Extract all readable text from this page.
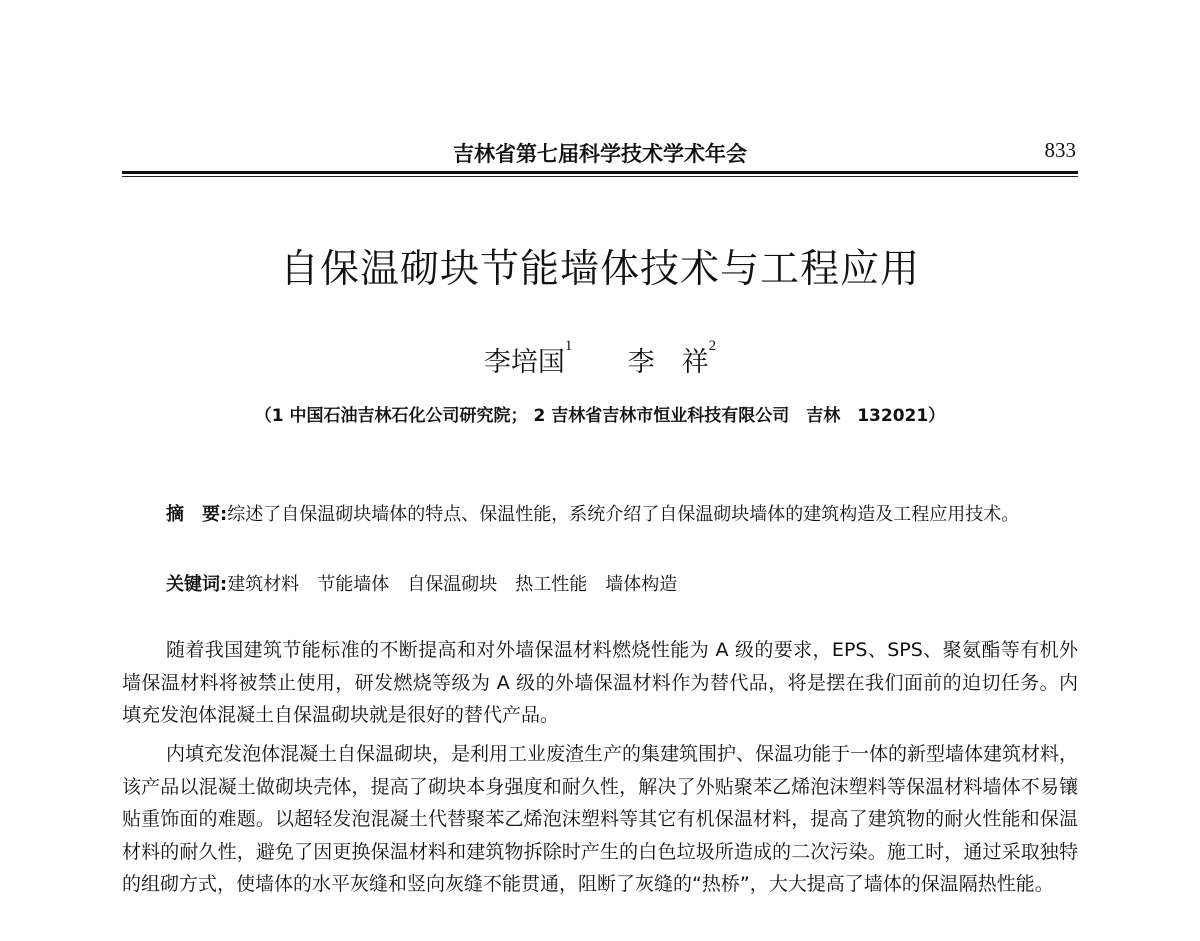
吉林省第七届科学技术学术年会	833
自保温砌块节能墙体技术与工程应用
李培国$^1$  李　祥$^2$
（1 中国石油吉林石化公司研究院； 2 吉林省吉林市恒业科技有限公司　吉林　132021）
摘　要:综述了自保温砌块墙体的特点、保温性能，系统介绍了自保温砌块墙体的建筑构造及工程应用技术。
关键词:建筑材料　节能墙体　自保温砌块　热工性能　墙体构造
随着我国建筑节能标准的不断提高和对外墙保温材料燃烧性能为 A 级的要求，EPS、SPS、聚氨酯等有机外墙保温材料将被禁止使用，研发燃烧等级为 A 级的外墙保温材料作为替代品，将是摆在我们面前的迫切任务。内填充发泡体混凝土自保温砌块就是很好的替代产品。
内填充发泡体混凝土自保温砌块，是利用工业废渣生产的集建筑围护、保温功能于一体的新型墙体建筑材料，该产品以混凝土做砌块壳体，提高了砌块本身强度和耐久性，解决了外贴聚苯乙烯泡沫塑料等保温材料墙体不易镶贴重饰面的难题。以超轻发泡混凝土代替聚苯乙烯泡沫塑料等其它有机保温材料，提高了建筑物的耐火性能和保温材料的耐久性，避免了因更换保温材料和建筑物拆除时产生的白色垃圾所造成的二次污染。施工时，通过采取独特的组砌方式，使墙体的水平灰缝和竖向灰缝不能贯通，阻断了灰缝的“热桥”，大大提高了墙体的保温隔热性能。
